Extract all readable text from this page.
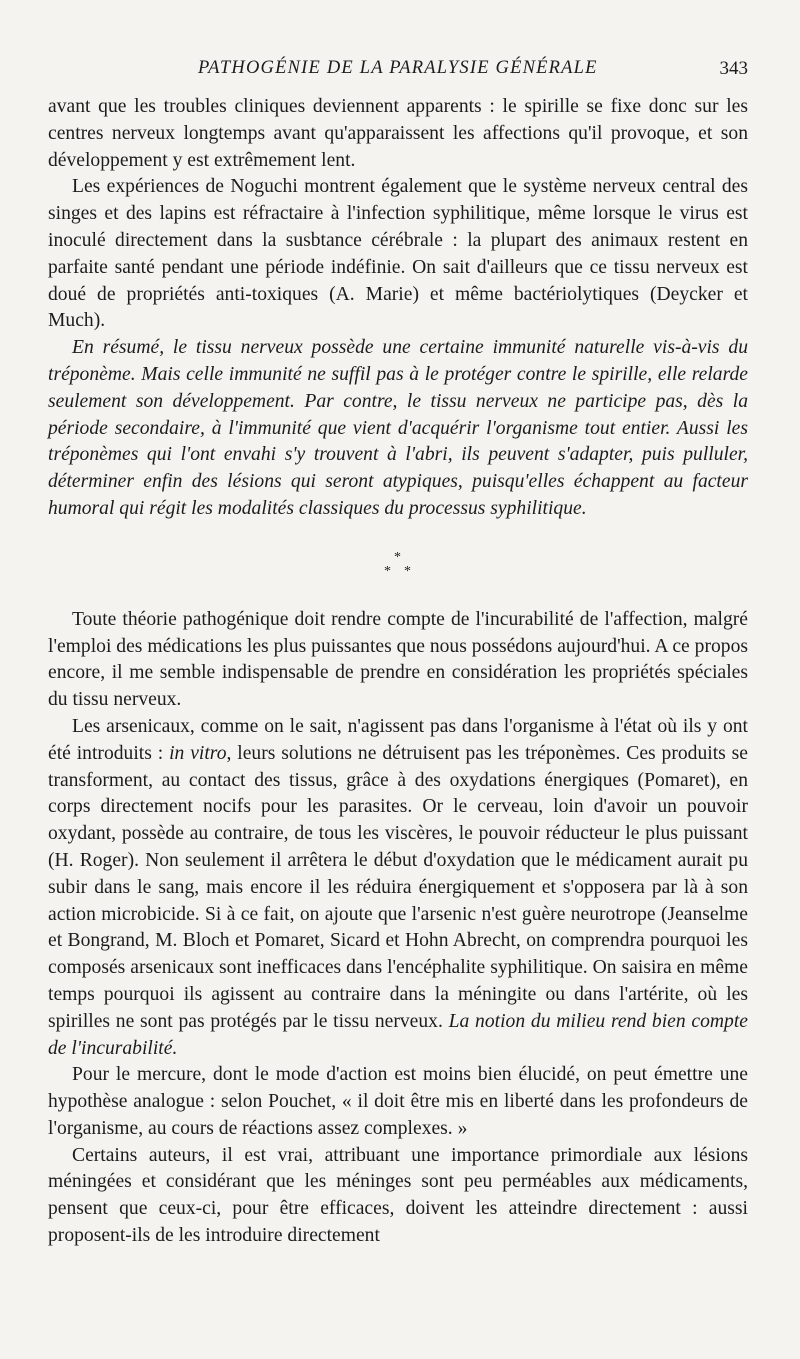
PATHOGÉNIE DE LA PARALYSIE GÉNÉRALE	343

avant que les troubles cliniques deviennent apparents : le spirille se fixe donc sur les centres nerveux longtemps avant qu'apparaissent les affections qu'il provoque, et son développement y est extrêmement lent.

Les expériences de Noguchi montrent également que le système nerveux central des singes et des lapins est réfractaire à l'infection syphilitique, même lorsque le virus est inoculé directement dans la susbtance cérébrale : la plupart des animaux restent en parfaite santé pendant une période indéfinie. On sait d'ailleurs que ce tissu nerveux est doué de propriétés anti-toxiques (A. Marie) et même bactériolytiques (Deycker et Much).

En résumé, le tissu nerveux possède une certaine immunité naturelle vis-à-vis du tréponème. Mais celle immunité ne suffil pas à le protéger contre le spirille, elle relarde seulement son développement. Par contre, le tissu nerveux ne participe pas, dès la période secondaire, à l'immunité que vient d'acquérir l'organisme tout entier. Aussi les tréponèmes qui l'ont envahi s'y trouvent à l'abri, ils peuvent s'adapter, puis pulluler, déterminer enfin des lésions qui seront atypiques, puisqu'elles échappent au facteur humoral qui régit les modalités classiques du processus syphilitique.

*
* *

Toute théorie pathogénique doit rendre compte de l'incurabilité de l'affection, malgré l'emploi des médications les plus puissantes que nous possédons aujourd'hui. A ce propos encore, il me semble indispensable de prendre en considération les propriétés spéciales du tissu nerveux.

Les arsenicaux, comme on le sait, n'agissent pas dans l'organisme à l'état où ils y ont été introduits : in vitro, leurs solutions ne détruisent pas les tréponèmes. Ces produits se transforment, au contact des tissus, grâce à des oxydations énergiques (Pomaret), en corps directement nocifs pour les parasites. Or le cerveau, loin d'avoir un pouvoir oxydant, possède au contraire, de tous les viscères, le pouvoir réducteur le plus puissant (H. Roger). Non seulement il arrêtera le début d'oxydation que le médicament aurait pu subir dans le sang, mais encore il les réduira énergiquement et s'opposera par là à son action microbicide. Si à ce fait, on ajoute que l'arsenic n'est guère neurotrope (Jeanselme et Bongrand, M. Bloch et Pomaret, Sicard et Hohn Abrecht, on comprendra pourquoi les composés arsenicaux sont inefficaces dans l'encéphalite syphilitique. On saisira en même temps pourquoi ils agissent au contraire dans la méningite ou dans l'artérite, où les spirilles ne sont pas protégés par le tissu nerveux. La notion du milieu rend bien compte de l'incurabilité.

Pour le mercure, dont le mode d'action est moins bien élucidé, on peut émettre une hypothèse analogue : selon Pouchet, « il doit être mis en liberté dans les profondeurs de l'organisme, au cours de réactions assez complexes. »

Certains auteurs, il est vrai, attribuant une importance primordiale aux lésions méningées et considérant que les méninges sont peu perméables aux médicaments, pensent que ceux-ci, pour être efficaces, doivent les atteindre directement : aussi proposent-ils de les introduire directement
